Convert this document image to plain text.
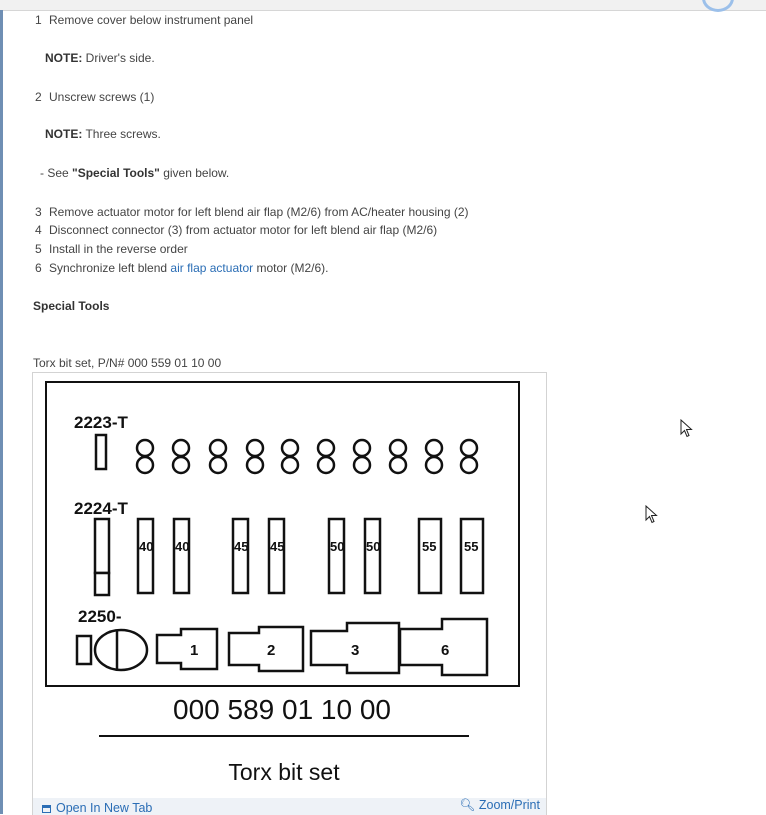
1 Remove cover below instrument panel
NOTE: Driver's side.
2 Unscrew screws (1)
NOTE: Three screws.
- See "Special Tools" given below.
3 Remove actuator motor for left blend air flap (M2/6) from AC/heater housing (2)
4 Disconnect connector (3) from actuator motor for left blend air flap (M2/6)
5 Install in the reverse order
6 Synchronize left blend air flap actuator motor (M2/6).
Special Tools
Torx bit set, P/N# 000 559 01 10 00
2223-T
2224-T
2250-
40 40	45 45	50 50	55 55
1	2	3	6
000 589 01 10 00
Torx bit set
Open In New Tab	🔍︎ Zoom/Print
